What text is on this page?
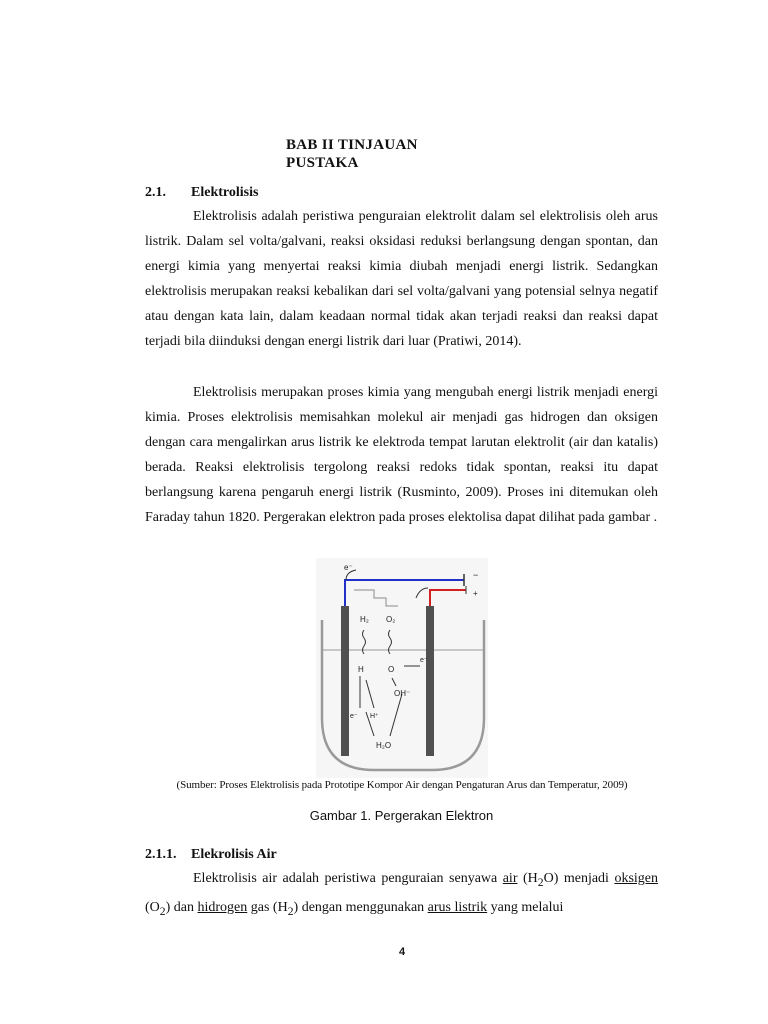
BAB II TINJAUAN
PUSTAKA
2.1. Elektrolisis

Elektrolisis adalah peristiwa penguraian elektrolit dalam sel elektrolisis oleh arus listrik. Dalam sel volta/galvani, reaksi oksidasi reduksi berlangsung dengan spontan, dan energi kimia yang menyertai reaksi kimia diubah menjadi energi listrik. Sedangkan elektrolisis merupakan reaksi kebalikan dari sel volta/galvani yang potensial selnya negatif atau dengan kata lain, dalam keadaan normal tidak akan terjadi reaksi dan reaksi dapat terjadi bila diinduksi dengan energi listrik dari luar (Pratiwi, 2014).

Elektrolisis merupakan proses kimia yang mengubah energi listrik menjadi energi kimia. Proses elektrolisis memisahkan molekul air menjadi gas hidrogen dan oksigen dengan cara mengalirkan arus listrik ke elektroda tempat larutan elektrolit (air dan katalis) berada. Reaksi elektrolisis tergolong reaksi redoks tidak spontan, reaksi itu dapat berlangsung karena pengaruh energi listrik (Rusminto, 2009). Proses ini ditemukan oleh Faraday tahun 1820. Pergerakan elektron pada proses elektolisa dapat dilihat pada gambar .

e⁻
−
+
H₂ O₂
H	O
OH⁻
e⁻ H⁺
H₂O
e⁻
(Sumber: Proses Elektrolisis pada Prototipe Kompor Air dengan Pengaturan Arus dan Temperatur, 2009)
Gambar 1. Pergerakan Elektron
2.1.1. Elekrolisis Air

Elektrolisis air adalah peristiwa penguraian senyawa air $(H_2O)$ menjadi oksigen $(O_2)$ dan hidrogen gas $(H_2)$ dengan menggunakan arus listrik yang melalui

4
